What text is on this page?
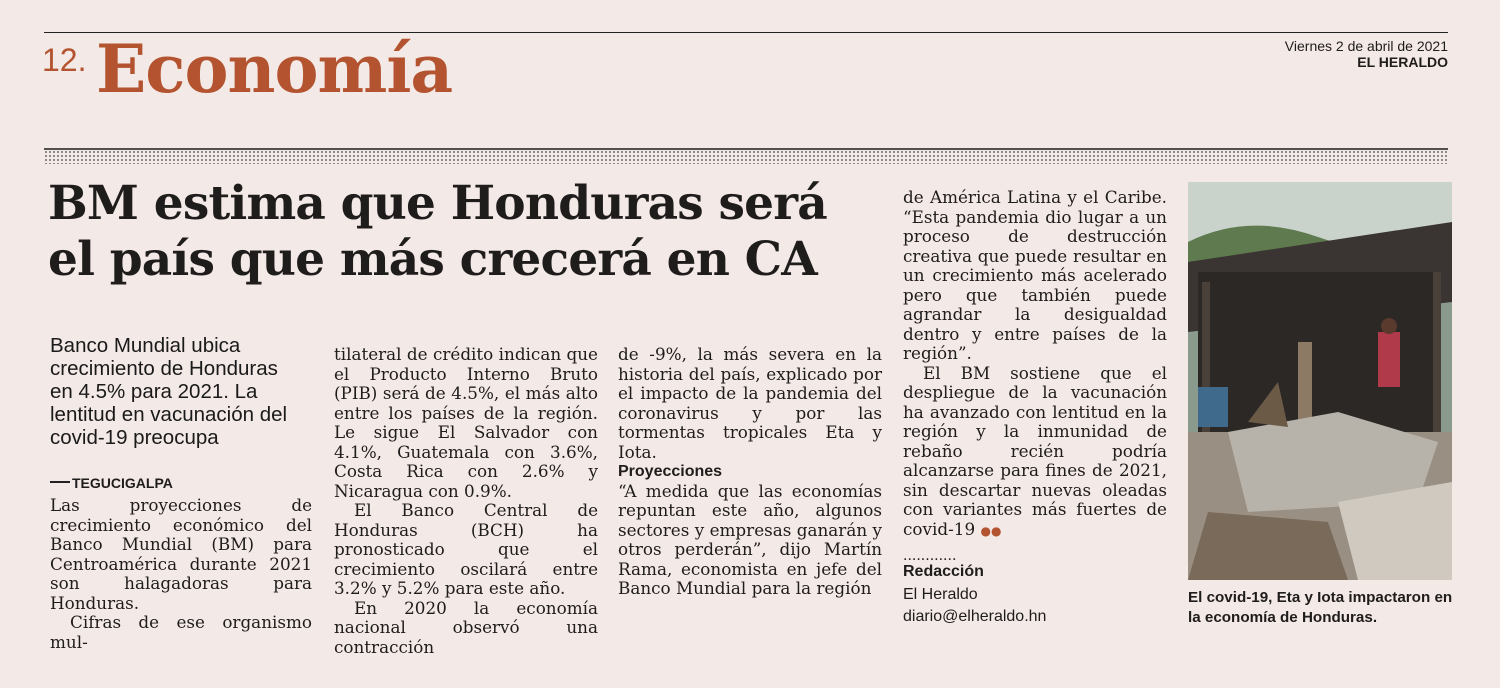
12. Economía	Viernes 2 de abril de 2021
EL HERALDO
BM estima que Honduras será
el país que más crecerá en CA
Banco Mundial ubica crecimiento de Honduras en 4.5% para 2021. La lentitud en vacunación del covid-19 preocupa
TEGUCIGALPA

Las proyecciones de crecimiento económico del Banco Mundial (BM) para Centroamérica durante 2021 son halagadoras para Honduras.

Cifras de ese organismo mul-

tilateral de crédito indican que el Producto Interno Bruto (PIB) será de 4.5%, el más alto entre los países de la región. Le sigue El Salvador con 4.1%, Guatemala con 3.6%, Costa Rica con 2.6% y Nicaragua con 0.9%.

El Banco Central de Honduras (BCH) ha pronosticado que el crecimiento oscilará entre 3.2% y 5.2% para este año.

En 2020 la economía nacional observó una contracción

de -9%, la más severa en la historia del país, explicado por el impacto de la pandemia del coronavirus y por las tormentas tropicales Eta y Iota.

Proyecciones

“A medida que las economías repuntan este año, algunos sectores y empresas ganarán y otros perderán”, dijo Martín Rama, economista en jefe del Banco Mundial para la región

de América Latina y el Caribe. “Esta pandemia dio lugar a un proceso de destrucción creativa que puede resultar en un crecimiento más acelerado pero que también puede agrandar la desigualdad dentro y entre países de la región”.

El BM sostiene que el despliegue de la vacunación ha avanzado con lentitud en la región y la inmunidad de rebaño recién podría alcanzarse para fines de 2021, sin descartar nuevas oleadas con variantes más fuertes de covid-19 ●●

............
Redacción
El Heraldo
diario@elheraldo.hn
El covid-19, Eta y Iota impactaron en la economía de Honduras.
